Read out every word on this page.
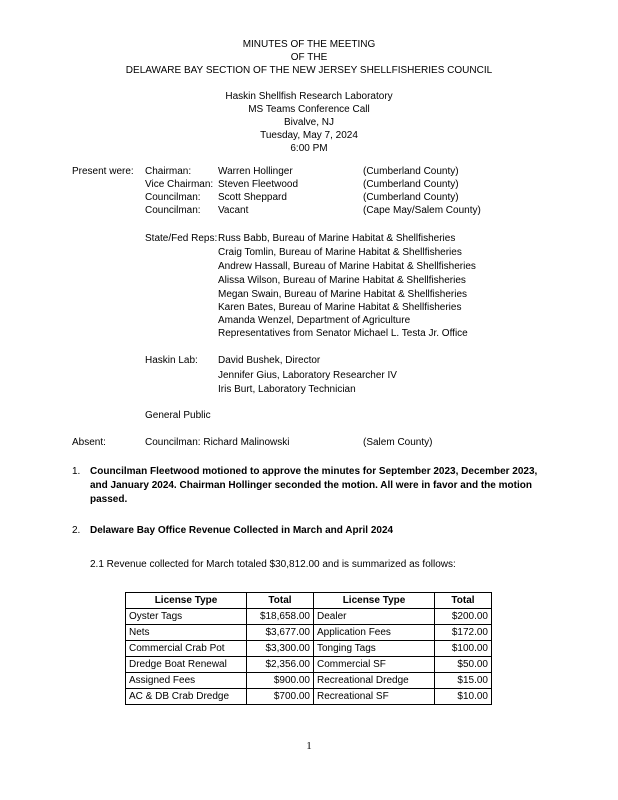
MINUTES OF THE MEETING
OF THE
DELAWARE BAY SECTION OF THE NEW JERSEY SHELLFISHERIES COUNCIL
Haskin Shellfish Research Laboratory
MS Teams Conference Call
Bivalve, NJ
Tuesday, May 7, 2024
6:00 PM
Present were: Chairman:	Warren Hollinger	(Cumberland County)
Vice Chairman: Steven Fleetwood	(Cumberland County)
Councilman: Scott Sheppard	(Cumberland County)
Councilman: Vacant	(Cape May/Salem County)
State/Fed Reps: Russ Babb, Bureau of Marine Habitat & Shellfisheries
Craig Tomlin, Bureau of Marine Habitat & Shellfisheries
Andrew Hassall, Bureau of Marine Habitat & Shellfisheries
Alissa Wilson, Bureau of Marine Habitat & Shellfisheries
Megan Swain, Bureau of Marine Habitat & Shellfisheries
Karen Bates, Bureau of Marine Habitat & Shellfisheries
Amanda Wenzel, Department of Agriculture
Representatives from Senator Michael L. Testa Jr. Office
Haskin Lab: David Bushek, Director
Jennifer Gius, Laboratory Researcher IV
Iris Burt, Laboratory Technician
General Public
Absent:	Councilman: Richard Malinowski	(Salem County)
1. Councilman Fleetwood motioned to approve the minutes for September 2023, December 2023,
and January 2024. Chairman Hollinger seconded the motion. All were in favor and the motion
passed.
2. Delaware Bay Office Revenue Collected in March and April 2024
2.1 Revenue collected for March totaled $30,812.00 and is summarized as follows:
License Type	Total	License Type	Total
Oyster Tags	$18,658.00	Dealer	$200.00
Nets	$3,677.00	Application Fees	$172.00
Commercial Crab Pot	$3,300.00	Tonging Tags	$100.00
Dredge Boat Renewal	$2,356.00	Commercial SF	$50.00
Assigned Fees	$900.00	Recreational Dredge	$15.00
AC & DB Crab Dredge	$700.00	Recreational SF	$10.00
1
